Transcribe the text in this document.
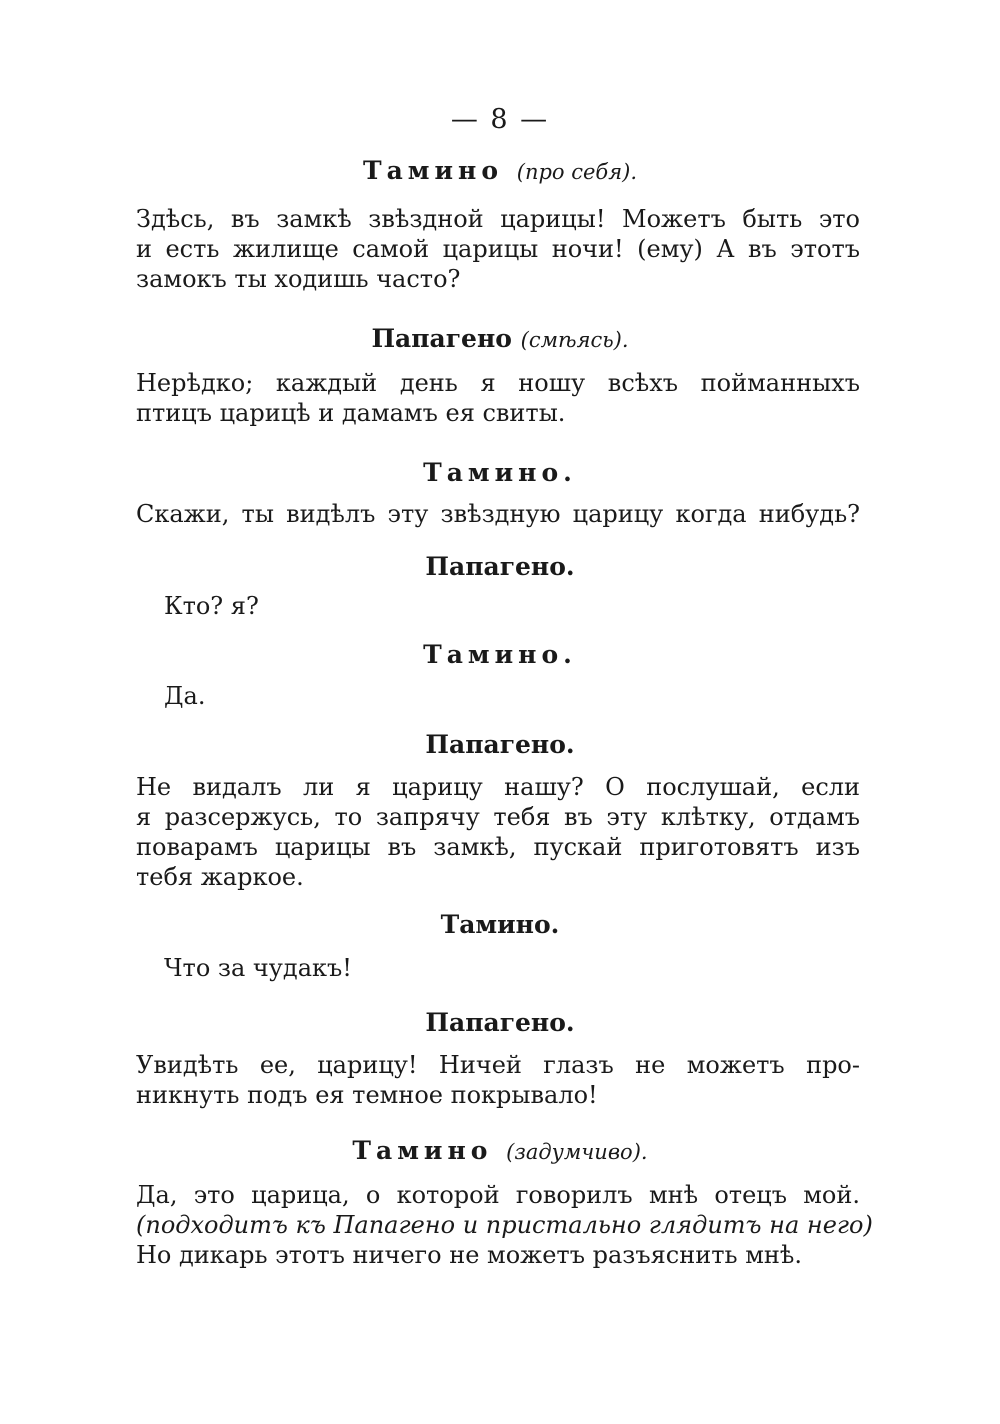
— 8 —
Тамино (про себя).
Здѣсь, въ замкѣ звѣздной царицы! Можетъ быть это
и есть жилище самой царицы ночи! (ему) А въ этотъ
замокъ ты ходишь часто?
Папагено (смѣясь).
Нерѣдко; каждый день я ношу всѣхъ пойманныхъ
птицъ царицѣ и дамамъ ея свиты.
Тамино.
Скажи, ты видѣлъ эту звѣздную царицу когда нибудь?
Папагено.
Кто? я?
Тамино.
Да.
Папагено.
Не видалъ ли я царицу нашу? О послушай, если
я разсержусь, то запрячу тебя въ эту клѣтку, отдамъ
поварамъ царицы въ замкѣ, пускай приготовятъ изъ
тебя жаркое.
Тамино.
Что за чудакъ!
Папагено.
Увидѣть ее, царицу! Ничей глазъ не можетъ про-
никнуть подъ ея темное покрывало!
Тамино (задумчиво).
Да, это царица, о которой говорилъ мнѣ отецъ мой.
(подходитъ къ Папагено и пристально глядитъ на него)
Но дикарь этотъ ничего не можетъ разъяснить мнѣ.
